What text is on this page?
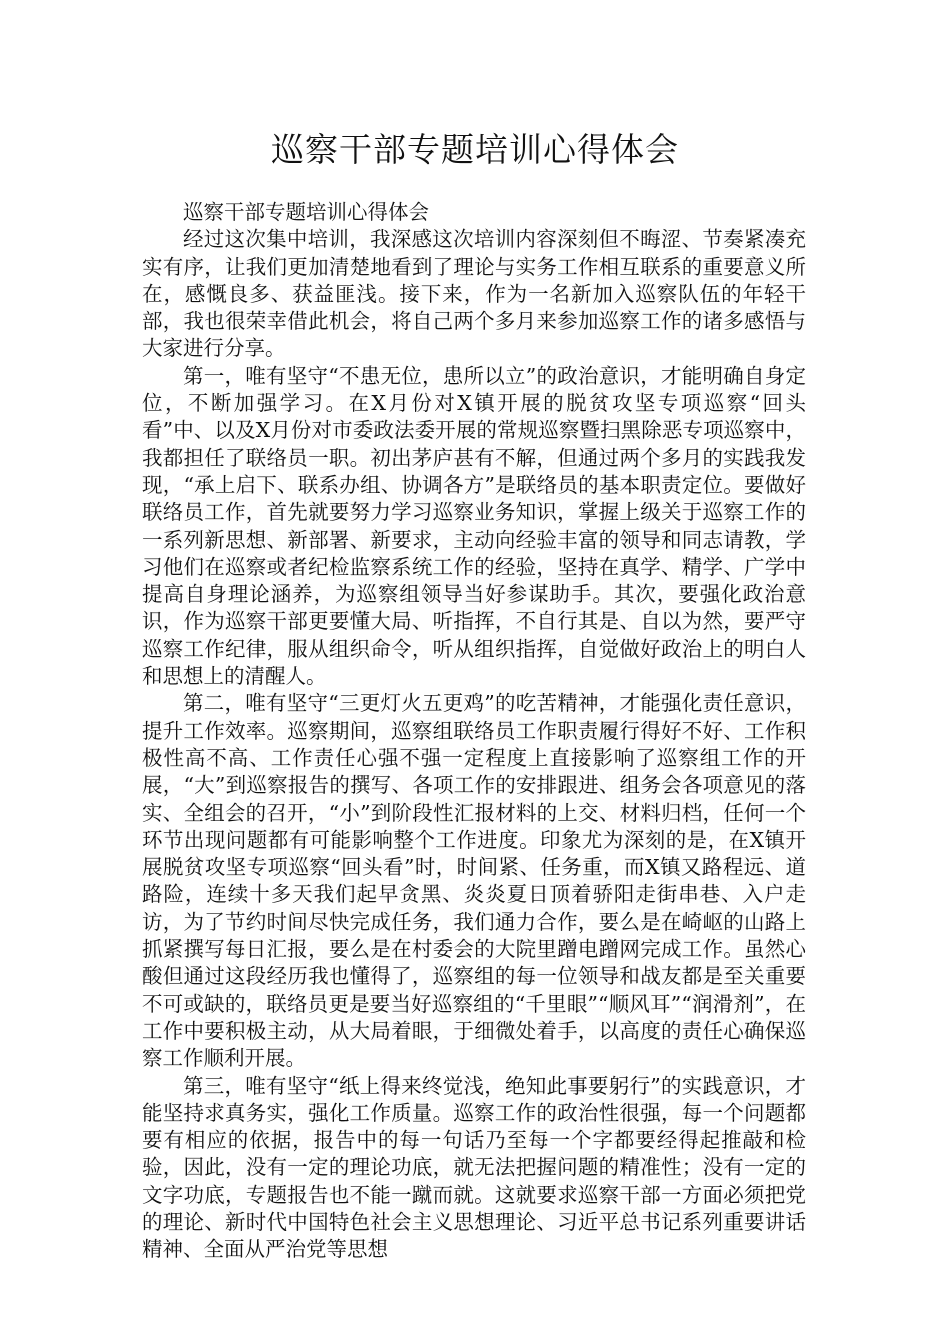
巡察干部专题培训心得体会

巡察干部专题培训心得体会

经过这次集中培训，我深感这次培训内容深刻但不晦涩、节奏紧凑充实有序，让我们更加清楚地看到了理论与实务工作相互联系的重要意义所在，感慨良多、获益匪浅。接下来，作为一名新加入巡察队伍的年轻干部，我也很荣幸借此机会，将自己两个多月来参加巡察工作的诸多感悟与大家进行分享。

第一，唯有坚守“不患无位，患所以立”的政治意识，才能明确自身定位，不断加强学习。在X月份对X镇开展的脱贫攻坚专项巡察“回头看”中、以及X月份对市委政法委开展的常规巡察暨扫黑除恶专项巡察中，我都担任了联络员一职。初出茅庐甚有不解，但通过两个多月的实践我发现，“承上启下、联系办组、协调各方”是联络员的基本职责定位。要做好联络员工作，首先就要努力学习巡察业务知识，掌握上级关于巡察工作的一系列新思想、新部署、新要求，主动向经验丰富的领导和同志请教，学习他们在巡察或者纪检监察系统工作的经验，坚持在真学、精学、广学中提高自身理论涵养，为巡察组领导当好参谋助手。其次，要强化政治意识，作为巡察干部更要懂大局、听指挥，不自行其是、自以为然，要严守巡察工作纪律，服从组织命令，听从组织指挥，自觉做好政治上的明白人和思想上的清醒人。

第二，唯有坚守“三更灯火五更鸡”的吃苦精神，才能强化责任意识，提升工作效率。巡察期间，巡察组联络员工作职责履行得好不好、工作积极性高不高、工作责任心强不强一定程度上直接影响了巡察组工作的开展，“大”到巡察报告的撰写、各项工作的安排跟进、组务会各项意见的落实、全组会的召开，“小”到阶段性汇报材料的上交、材料归档，任何一个环节出现问题都有可能影响整个工作进度。印象尤为深刻的是，在X镇开展脱贫攻坚专项巡察“回头看”时，时间紧、任务重，而X镇又路程远、道路险，连续十多天我们起早贪黑、炎炎夏日顶着骄阳走街串巷、入户走访，为了节约时间尽快完成任务，我们通力合作，要么是在崎岖的山路上抓紧撰写每日汇报，要么是在村委会的大院里蹭电蹭网完成工作。虽然心酸但通过这段经历我也懂得了，巡察组的每一位领导和战友都是至关重要不可或缺的，联络员更是要当好巡察组的“千里眼”“顺风耳”“润滑剂”，在工作中要积极主动，从大局着眼，于细微处着手，以高度的责任心确保巡察工作顺利开展。

第三，唯有坚守“纸上得来终觉浅，绝知此事要躬行”的实践意识，才能坚持求真务实，强化工作质量。巡察工作的政治性很强，每一个问题都要有相应的依据，报告中的每一句话乃至每一个字都要经得起推敲和检验，因此，没有一定的理论功底，就无法把握问题的精准性；没有一定的文字功底，专题报告也不能一蹴而就。这就要求巡察干部一方面必须把党的理论、新时代中国特色社会主义思想理论、习近平总书记系列重要讲话精神、全面从严治党等思想
